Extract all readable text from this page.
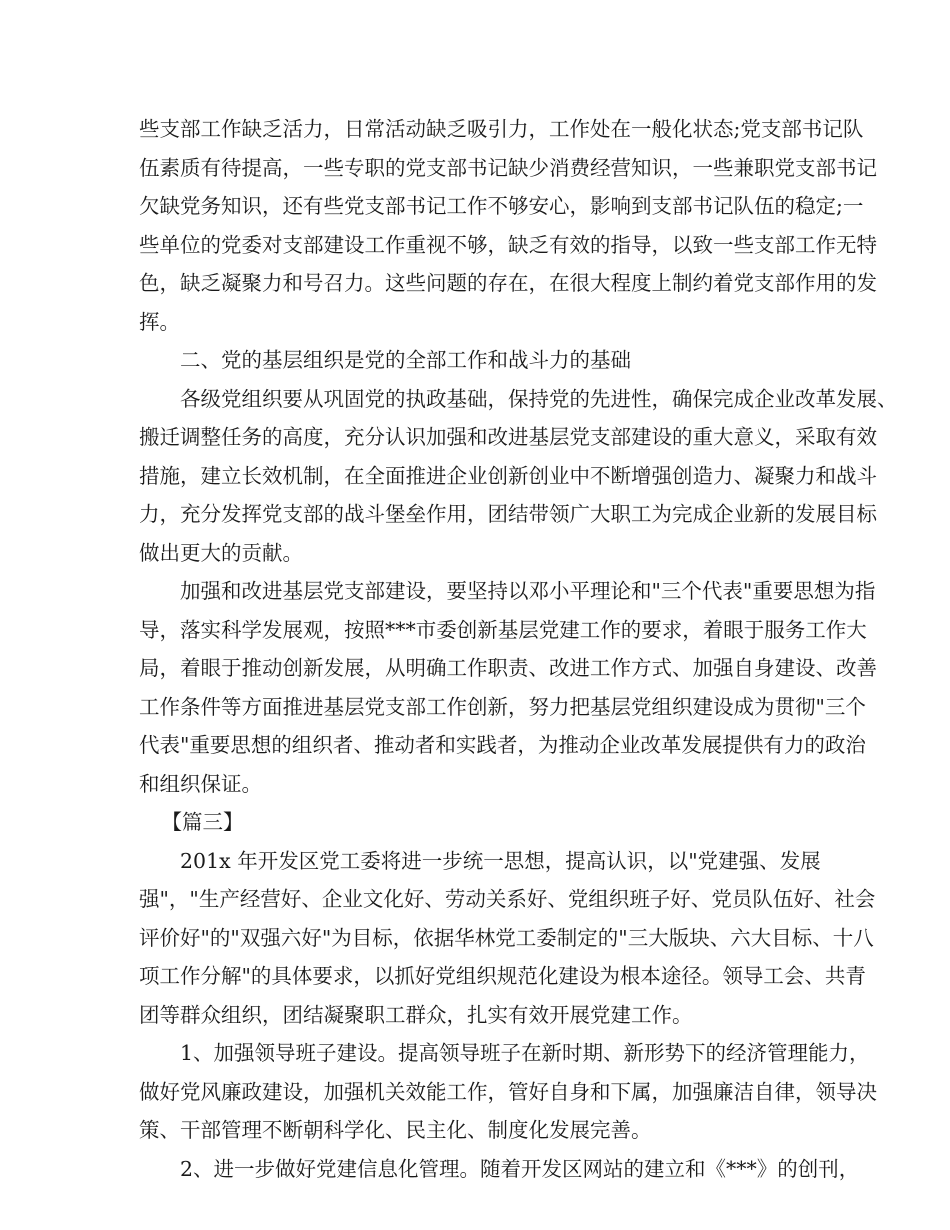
些支部工作缺乏活力，日常活动缺乏吸引力，工作处在一般化状态;党支部书记队
伍素质有待提高，一些专职的党支部书记缺少消费经营知识，一些兼职党支部书记
欠缺党务知识，还有些党支部书记工作不够安心，影响到支部书记队伍的稳定;一
些单位的党委对支部建设工作重视不够，缺乏有效的指导，以致一些支部工作无特
色，缺乏凝聚力和号召力。这些问题的存在，在很大程度上制约着党支部作用的发
挥。
二、党的基层组织是党的全部工作和战斗力的基础
各级党组织要从巩固党的执政基础，保持党的先进性，确保完成企业改革发展、
搬迁调整任务的高度，充分认识加强和改进基层党支部建设的重大意义，采取有效
措施，建立长效机制，在全面推进企业创新创业中不断增强创造力、凝聚力和战斗
力，充分发挥党支部的战斗堡垒作用，团结带领广大职工为完成企业新的发展目标
做出更大的贡献。
加强和改进基层党支部建设，要坚持以邓小平理论和"三个代表"重要思想为指
导，落实科学发展观，按照***市委创新基层党建工作的要求，着眼于服务工作大
局，着眼于推动创新发展，从明确工作职责、改进工作方式、加强自身建设、改善
工作条件等方面推进基层党支部工作创新，努力把基层党组织建设成为贯彻"三个
代表"重要思想的组织者、推动者和实践者，为推动企业改革发展提供有力的政治
和组织保证。
【篇三】
201x 年开发区党工委将进一步统一思想，提高认识，以"党建强、发展
强"，"生产经营好、企业文化好、劳动关系好、党组织班子好、党员队伍好、社会
评价好"的"双强六好"为目标，依据华林党工委制定的"三大版块、六大目标、十八
项工作分解"的具体要求，以抓好党组织规范化建设为根本途径。领导工会、共青
团等群众组织，团结凝聚职工群众，扎实有效开展党建工作。
1、加强领导班子建设。提高领导班子在新时期、新形势下的经济管理能力，
做好党风廉政建设，加强机关效能工作，管好自身和下属，加强廉洁自律，领导决
策、干部管理不断朝科学化、民主化、制度化发展完善。
2、进一步做好党建信息化管理。随着开发区网站的建立和《***》的创刊，
